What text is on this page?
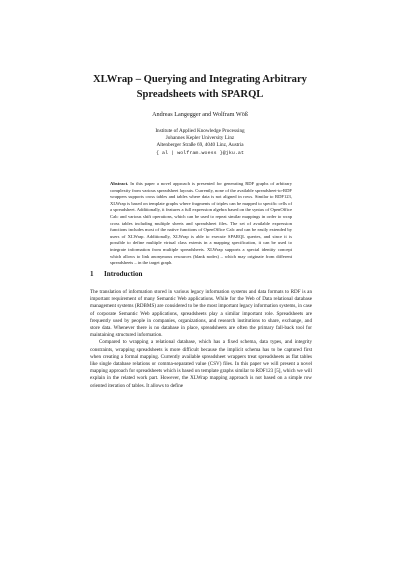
XLWrap – Querying and Integrating Arbitrary
Spreadsheets with SPARQL
Andreas Langegger and Wolfram Wöß
Institute of Applied Knowledge Processing
Johannes Kepler University Linz
Altenberger Straße 69, 4040 Linz, Austria
{ al | wolfram.woess }@jku.at
Abstract. In this paper a novel approach is presented for generating RDF graphs of arbitrary complexity from various spreadsheet layouts. Currently, none of the available spreadsheet-to-RDF wrappers supports cross tables and tables where data is not aligned in rows. Similar to RDF123, XLWrap is based on template graphs where fragments of triples can be mapped to specific cells of a spreadsheet. Additionally, it features a full expression algebra based on the syntax of OpenOffice Calc and various shift operations, which can be used to repeat similar mappings in order to wrap cross tables including multiple sheets and spreadsheet files. The set of available expression functions includes most of the native functions of OpenOffice Calc and can be easily extended by users of XLWrap. Additionally, XLWrap is able to execute SPARQL queries, and since it is possible to define multiple virtual class extents in a mapping specification, it can be used to integrate information from multiple spreadsheets. XLWrap supports a special identity concept which allows to link anonymous resources (blank nodes) – which may originate from different spreadsheets – in the target graph.
1 Introduction

The translation of information stored in various legacy information systems and data formats to RDF is an important requirement of many Semantic Web applications. While for the Web of Data relational database management systems (RDBMS) are considered to be the most important legacy information systems, in case of corporate Semantic Web applications, spreadsheets play a similar important role. Spreadsheets are frequently used by people in companies, organizations, and research institutions to share, exchange, and store data. Whenever there is no database in place, spreadsheets are often the primary fall-back tool for maintaining structured information.

Compared to wrapping a relational database, which has a fixed schema, data types, and integrity constraints, wrapping spreadsheets is more difficult because the implicit schema has to be captured first when creating a formal mapping. Currently available spreadsheet wrappers treat spreadsheets as flat tables like single database relations or comma-separated value (CSV) files. In this paper we will present a novel mapping approach for spreadsheets which is based on template graphs similar to RDF123 [5], which we will explain in the related work part. However, the XLWrap mapping approach is not based on a simple row oriented iteration of tables. It allows to define
